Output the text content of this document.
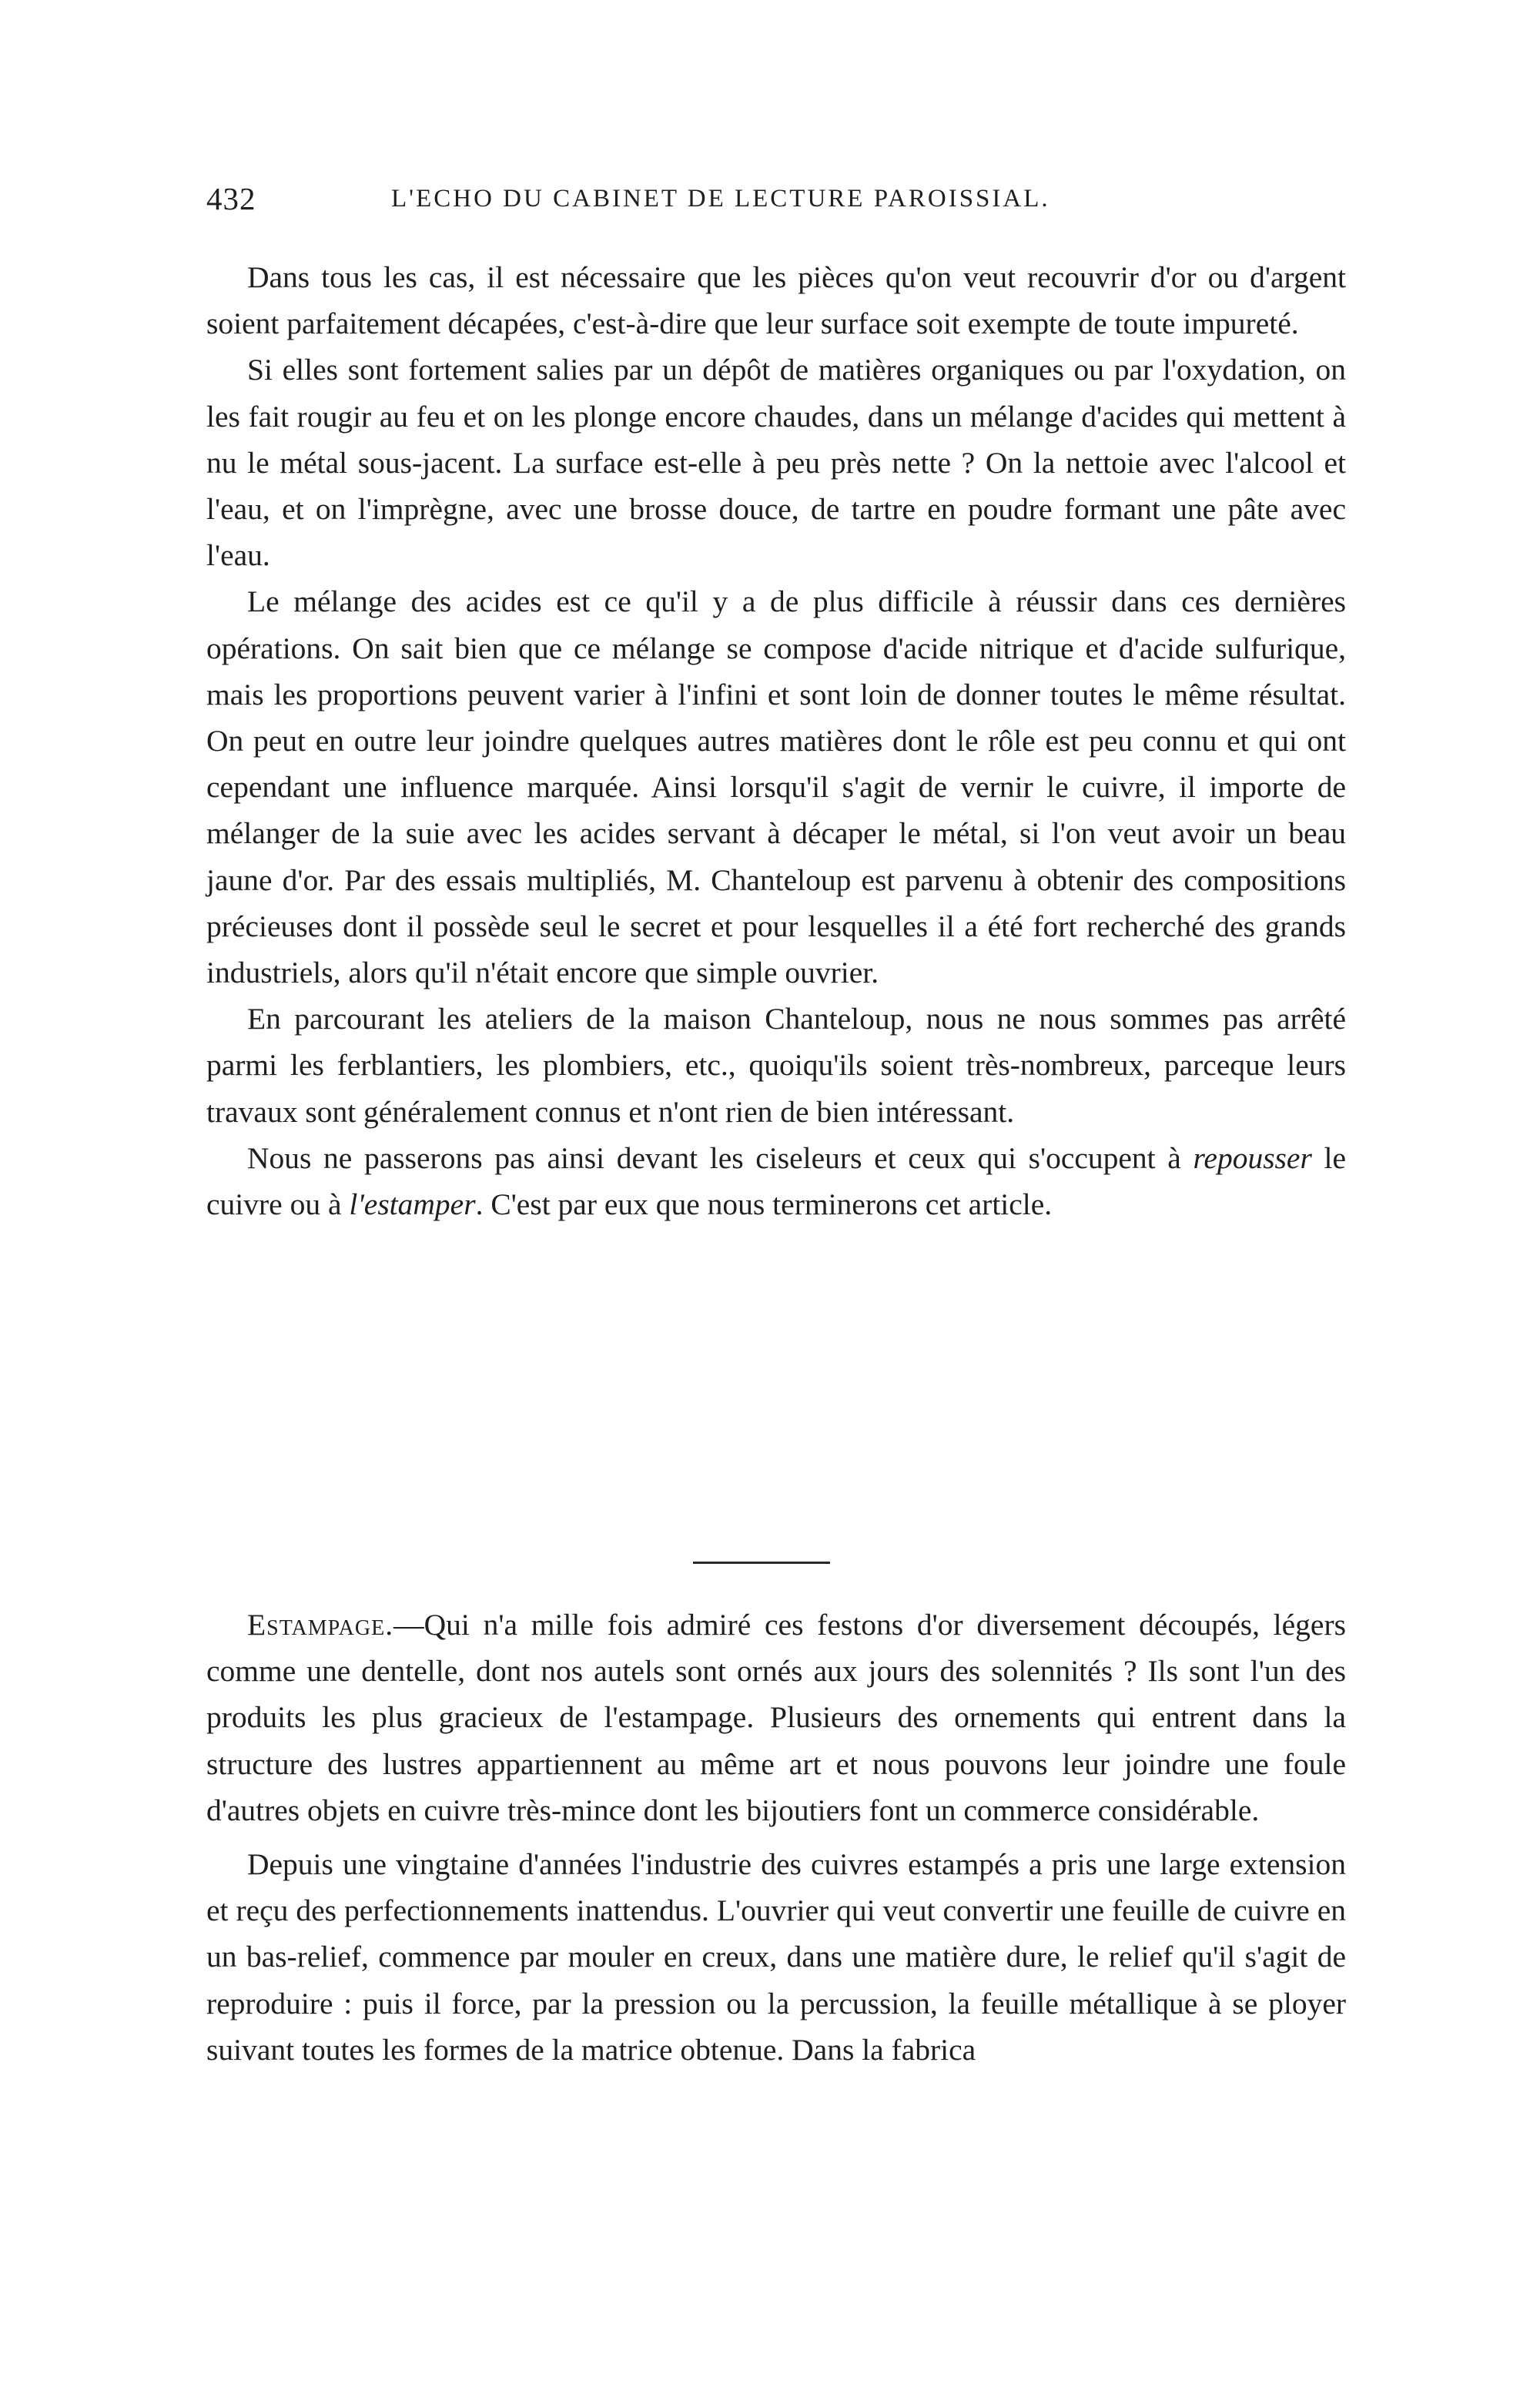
432	L'ECHO DU CABINET DE LECTURE PAROISSIAL.

Dans tous les cas, il est nécessaire que les pièces qu'on veut recouvrir d'or ou d'argent soient parfaitement décapées, c'est-à-dire que leur surface soit exempte de toute impureté.

Si elles sont fortement salies par un dépôt de matières organiques ou par l'oxydation, on les fait rougir au feu et on les plonge encore chaudes, dans un mélange d'acides qui mettent à nu le métal sous-jacent. La surface est-elle à peu près nette ? On la nettoie avec l'alcool et l'eau, et on l'imprègne, avec une brosse douce, de tartre en poudre formant une pâte avec l'eau.

Le mélange des acides est ce qu'il y a de plus difficile à réussir dans ces dernières opérations. On sait bien que ce mélange se compose d'acide nitrique et d'acide sulfurique, mais les proportions peuvent varier à l'infini et sont loin de donner toutes le même résultat. On peut en outre leur joindre quelques autres matières dont le rôle est peu connu et qui ont cependant une influence marquée. Ainsi lorsqu'il s'agit de vernir le cuivre, il importe de mélanger de la suie avec les acides servant à décaper le métal, si l'on veut avoir un beau jaune d'or. Par des essais multipliés, M. Chanteloup est parvenu à obtenir des compositions précieuses dont il possède seul le secret et pour lesquelles il a été fort recherché des grands industriels, alors qu'il n'était encore que simple ouvrier.

En parcourant les ateliers de la maison Chanteloup, nous ne nous sommes pas arrêté parmi les ferblantiers, les plombiers, etc., quoiqu'ils soient très-nombreux, parceque leurs travaux sont généralement connus et n'ont rien de bien intéressant.

Nous ne passerons pas ainsi devant les ciseleurs et ceux qui s'occupent à repousser le cuivre ou à l'estamper. C'est par eux que nous terminerons cet article.

Estampage.—Qui n'a mille fois admiré ces festons d'or diversement découpés, légers comme une dentelle, dont nos autels sont ornés aux jours des solennités ? Ils sont l'un des produits les plus gracieux de l'estampage. Plusieurs des ornements qui entrent dans la structure des lustres appartiennent au même art et nous pouvons leur joindre une foule d'autres objets en cuivre très-mince dont les bijoutiers font un commerce considérable.

Depuis une vingtaine d'années l'industrie des cuivres estampés a pris une large extension et reçu des perfectionnements inattendus. L'ouvrier qui veut convertir une feuille de cuivre en un bas-relief, commence par mouler en creux, dans une matière dure, le relief qu'il s'agit de reproduire : puis il force, par la pression ou la percussion, la feuille métallique à se ployer suivant toutes les formes de la matrice obtenue. Dans la fabrica
